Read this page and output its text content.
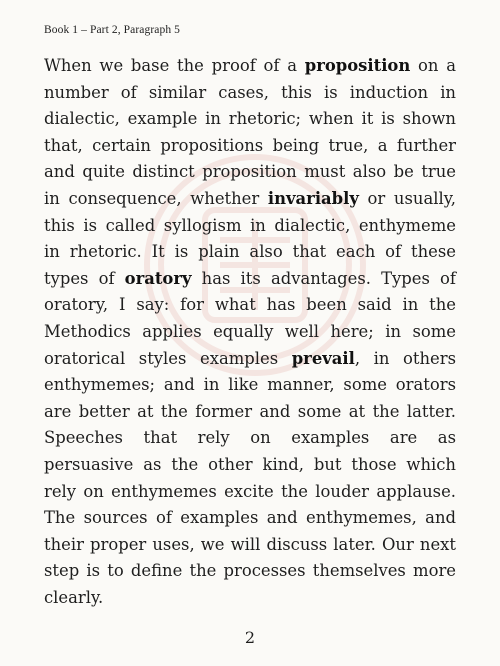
Book 1 – Part 2, Paragraph 5

When we base the proof of a proposition on a number of similar cases, this is induction in dialectic, example in rhetoric; when it is shown that, certain propositions being true, a further and quite distinct proposition must also be true in consequence, whether invariably or usually, this is called syllogism in dialectic, enthymeme in rhetoric. It is plain also that each of these types of oratory has its advantages. Types of oratory, I say: for what has been said in the Methodics applies equally well here; in some oratorical styles examples prevail, in others enthymemes; and in like manner, some orators are better at the former and some at the latter. Speeches that rely on examples are as persuasive as the other kind, but those which rely on enthymemes excite the louder applause. The sources of examples and enthymemes, and their proper uses, we will discuss later. Our next step is to define the processes themselves more clearly.

2
